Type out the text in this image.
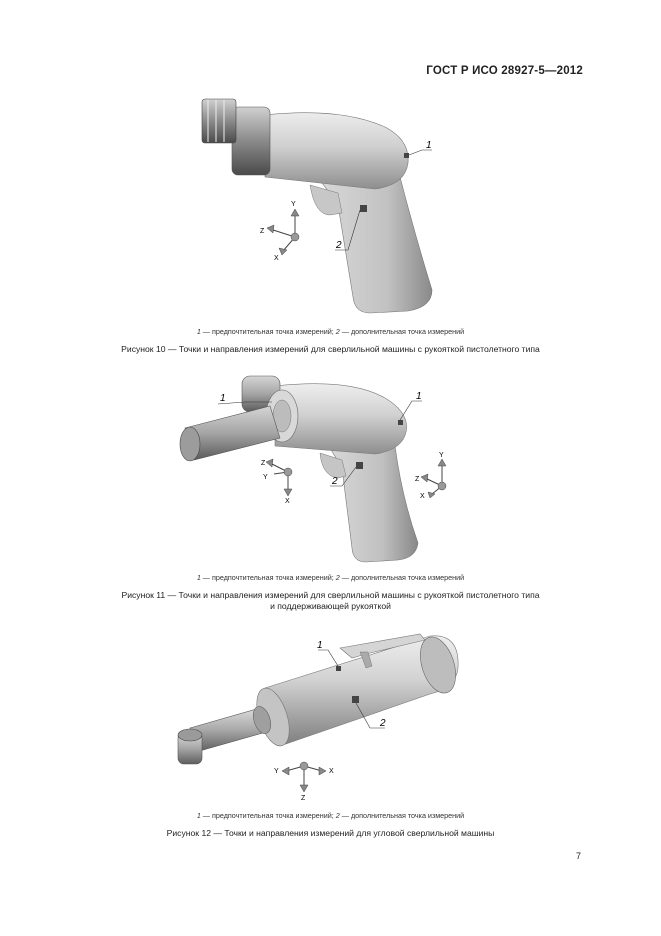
ГОСТ Р ИСО 28927-5—2012
1
2
Y
Z
X
1 — предпочтительная точка измерений; 2 — дополнительная точка измерений
Рисунок 10 — Точки и направления измерений для сверлильной машины с рукояткой пистолетного типа
1
1
2
Z
Y
X
Y
Z
X
1 — предпочтительная точка измерений; 2 — дополнительная точка измерений
Рисунок 11 — Точки и направления измерений для сверлильной машины с рукояткой пистолетного типа
и поддерживающей рукояткой
1
2
Y	X
Z
1 — предпочтительная точка измерений; 2 — дополнительная точка измерений
Рисунок 12 — Точки и направления измерений для угловой сверлильной машины
7
